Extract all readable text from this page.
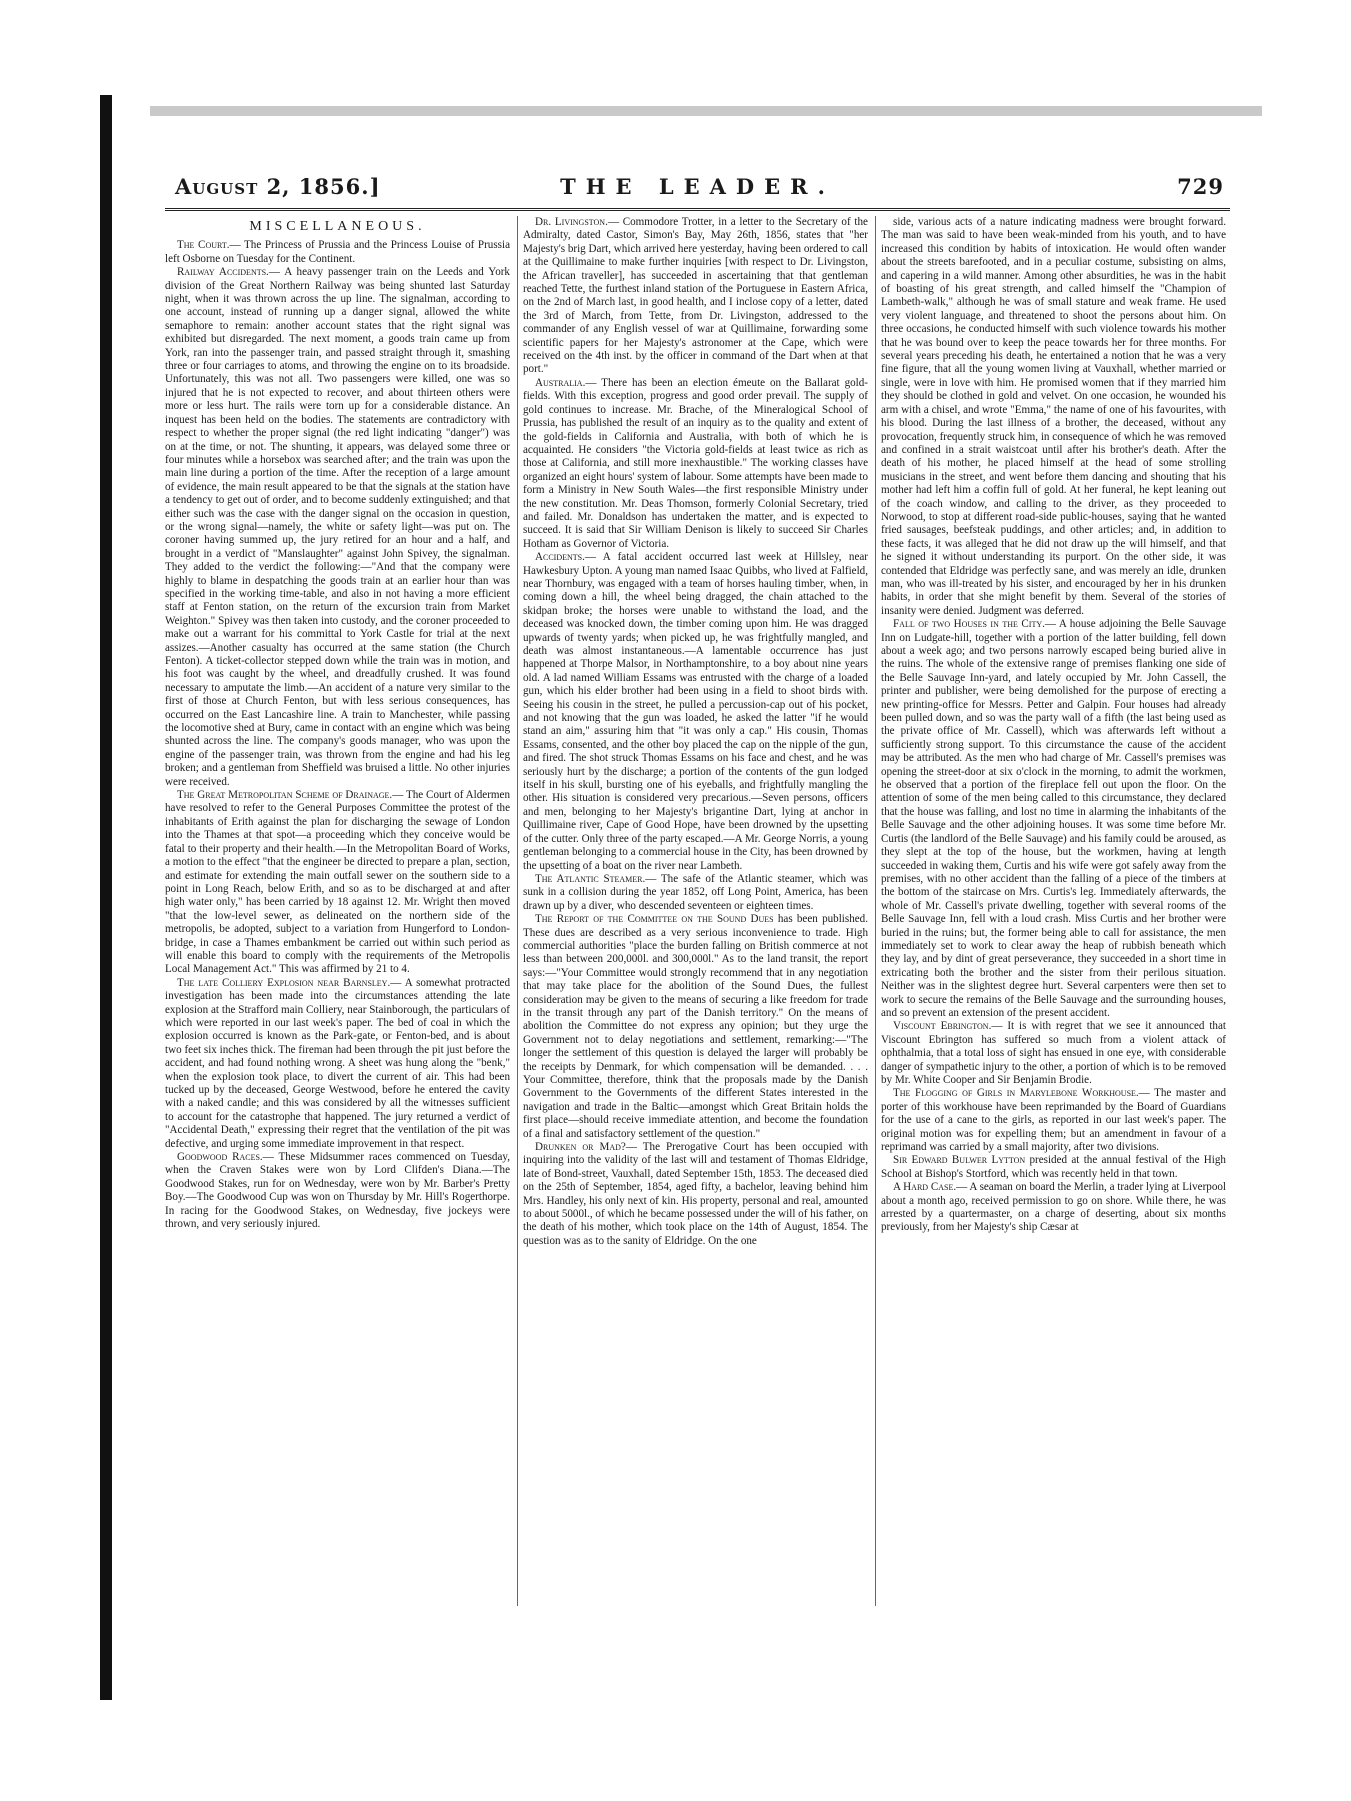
August 2, 1856.]	THE LEADER.	729
MISCELLANEOUS.

The Court.— The Princess of Prussia and the Princess Louise of Prussia left Osborne on Tuesday for the Continent.

Railway Accidents.— A heavy passenger train on the Leeds and York division of the Great Northern Railway was being shunted last Saturday night, when it was thrown across the up line. The signalman, according to one account, instead of running up a danger signal, allowed the white semaphore to remain: another account states that the right signal was exhibited but disregarded. The next moment, a goods train came up from York, ran into the passenger train, and passed straight through it, smashing three or four carriages to atoms, and throwing the engine on to its broadside. Unfortunately, this was not all. Two passengers were killed, one was so injured that he is not expected to recover, and about thirteen others were more or less hurt. The rails were torn up for a considerable distance. An inquest has been held on the bodies. The statements are contradictory with respect to whether the proper signal (the red light indicating "danger") was on at the time, or not. The shunting, it appears, was delayed some three or four minutes while a horsebox was searched after; and the train was upon the main line during a portion of the time. After the reception of a large amount of evidence, the main result appeared to be that the signals at the station have a tendency to get out of order, and to become suddenly extinguished; and that either such was the case with the danger signal on the occasion in question, or the wrong signal—namely, the white or safety light—was put on. The coroner having summed up, the jury retired for an hour and a half, and brought in a verdict of "Manslaughter" against John Spivey, the signalman. They added to the verdict the following:—"And that the company were highly to blame in despatching the goods train at an earlier hour than was specified in the working time-table, and also in not having a more efficient staff at Fenton station, on the return of the excursion train from Market Weighton." Spivey was then taken into custody, and the coroner proceeded to make out a warrant for his committal to York Castle for trial at the next assizes.—Another casualty has occurred at the same station (the Church Fenton). A ticket-collector stepped down while the train was in motion, and his foot was caught by the wheel, and dreadfully crushed. It was found necessary to amputate the limb.—An accident of a nature very similar to the first of those at Church Fenton, but with less serious consequences, has occurred on the East Lancashire line. A train to Manchester, while passing the locomotive shed at Bury, came in contact with an engine which was being shunted across the line. The company's goods manager, who was upon the engine of the passenger train, was thrown from the engine and had his leg broken; and a gentleman from Sheffield was bruised a little. No other injuries were received.

The Great Metropolitan Scheme of Drainage.— The Court of Aldermen have resolved to refer to the General Purposes Committee the protest of the inhabitants of Erith against the plan for discharging the sewage of London into the Thames at that spot—a proceeding which they conceive would be fatal to their property and their health.—In the Metropolitan Board of Works, a motion to the effect "that the engineer be directed to prepare a plan, section, and estimate for extending the main outfall sewer on the southern side to a point in Long Reach, below Erith, and so as to be discharged at and after high water only," has been carried by 18 against 12. Mr. Wright then moved "that the low-level sewer, as delineated on the northern side of the metropolis, be adopted, subject to a variation from Hungerford to London-bridge, in case a Thames embankment be carried out within such period as will enable this board to comply with the requirements of the Metropolis Local Management Act." This was affirmed by 21 to 4.

The late Colliery Explosion near Barnsley.— A somewhat protracted investigation has been made into the circumstances attending the late explosion at the Strafford main Colliery, near Stainborough, the particulars of which were reported in our last week's paper. The bed of coal in which the explosion occurred is known as the Park-gate, or Fenton-bed, and is about two feet six inches thick. The fireman had been through the pit just before the accident, and had found nothing wrong. A sheet was hung along the "benk," when the explosion took place, to divert the current of air. This had been tucked up by the deceased, George Westwood, before he entered the cavity with a naked candle; and this was considered by all the witnesses sufficient to account for the catastrophe that happened. The jury returned a verdict of "Accidental Death," expressing their regret that the ventilation of the pit was defective, and urging some immediate improvement in that respect.

Goodwood Races.— These Midsummer races commenced on Tuesday, when the Craven Stakes were won by Lord Clifden's Diana.—The Goodwood Stakes, run for on Wednesday, were won by Mr. Barber's Pretty Boy.—The Goodwood Cup was won on Thursday by Mr. Hill's Rogerthorpe. In racing for the Goodwood Stakes, on Wednesday, five jockeys were thrown, and very seriously injured.

Dr. Livingston.— Commodore Trotter, in a letter to the Secretary of the Admiralty, dated Castor, Simon's Bay, May 26th, 1856, states that "her Majesty's brig Dart, which arrived here yesterday, having been ordered to call at the Quillimaine to make further inquiries [with respect to Dr. Livingston, the African traveller], has succeeded in ascertaining that that gentleman reached Tette, the furthest inland station of the Portuguese in Eastern Africa, on the 2nd of March last, in good health, and I inclose copy of a letter, dated the 3rd of March, from Tette, from Dr. Livingston, addressed to the commander of any English vessel of war at Quillimaine, forwarding some scientific papers for her Majesty's astronomer at the Cape, which were received on the 4th inst. by the officer in command of the Dart when at that port."

Australia.— There has been an election émeute on the Ballarat gold-fields. With this exception, progress and good order prevail. The supply of gold continues to increase. Mr. Brache, of the Mineralogical School of Prussia, has published the result of an inquiry as to the quality and extent of the gold-fields in California and Australia, with both of which he is acquainted. He considers "the Victoria gold-fields at least twice as rich as those at California, and still more inexhaustible." The working classes have organized an eight hours' system of labour. Some attempts have been made to form a Ministry in New South Wales—the first responsible Ministry under the new constitution. Mr. Deas Thomson, formerly Colonial Secretary, tried and failed. Mr. Donaldson has undertaken the matter, and is expected to succeed. It is said that Sir William Denison is likely to succeed Sir Charles Hotham as Governor of Victoria.

Accidents.— A fatal accident occurred last week at Hillsley, near Hawkesbury Upton. A young man named Isaac Quibbs, who lived at Falfield, near Thornbury, was engaged with a team of horses hauling timber, when, in coming down a hill, the wheel being dragged, the chain attached to the skidpan broke; the horses were unable to withstand the load, and the deceased was knocked down, the timber coming upon him. He was dragged upwards of twenty yards; when picked up, he was frightfully mangled, and death was almost instantaneous.—A lamentable occurrence has just happened at Thorpe Malsor, in Northamptonshire, to a boy about nine years old. A lad named William Essams was entrusted with the charge of a loaded gun, which his elder brother had been using in a field to shoot birds with. Seeing his cousin in the street, he pulled a percussion-cap out of his pocket, and not knowing that the gun was loaded, he asked the latter "if he would stand an aim," assuring him that "it was only a cap." His cousin, Thomas Essams, consented, and the other boy placed the cap on the nipple of the gun, and fired. The shot struck Thomas Essams on his face and chest, and he was seriously hurt by the discharge; a portion of the contents of the gun lodged itself in his skull, bursting one of his eyeballs, and frightfully mangling the other. His situation is considered very precarious.—Seven persons, officers and men, belonging to her Majesty's brigantine Dart, lying at anchor in Quillimaine river, Cape of Good Hope, have been drowned by the upsetting of the cutter. Only three of the party escaped.—A Mr. George Norris, a young gentleman belonging to a commercial house in the City, has been drowned by the upsetting of a boat on the river near Lambeth.

The Atlantic Steamer.— The safe of the Atlantic steamer, which was sunk in a collision during the year 1852, off Long Point, America, has been drawn up by a diver, who descended seventeen or eighteen times.

The Report of the Committee on the Sound Dues has been published. These dues are described as a very serious inconvenience to trade. High commercial authorities "place the burden falling on British commerce at not less than between 200,000l. and 300,000l." As to the land transit, the report says:—"Your Committee would strongly recommend that in any negotiation that may take place for the abolition of the Sound Dues, the fullest consideration may be given to the means of securing a like freedom for trade in the transit through any part of the Danish territory." On the means of abolition the Committee do not express any opinion; but they urge the Government not to delay negotiations and settlement, remarking:—"The longer the settlement of this question is delayed the larger will probably be the receipts by Denmark, for which compensation will be demanded. . . . Your Committee, therefore, think that the proposals made by the Danish Government to the Governments of the different States interested in the navigation and trade in the Baltic—amongst which Great Britain holds the first place—should receive immediate attention, and become the foundation of a final and satisfactory settlement of the question."

Drunken or Mad?— The Prerogative Court has been occupied with inquiring into the validity of the last will and testament of Thomas Eldridge, late of Bond-street, Vauxhall, dated September 15th, 1853. The deceased died on the 25th of September, 1854, aged fifty, a bachelor, leaving behind him Mrs. Handley, his only next of kin. His property, personal and real, amounted to about 5000l., of which he became possessed under the will of his father, on the death of his mother, which took place on the 14th of August, 1854. The question was as to the sanity of Eldridge. On the one

side, various acts of a nature indicating madness were brought forward. The man was said to have been weak-minded from his youth, and to have increased this condition by habits of intoxication. He would often wander about the streets barefooted, and in a peculiar costume, subsisting on alms, and capering in a wild manner. Among other absurdities, he was in the habit of boasting of his great strength, and called himself the "Champion of Lambeth-walk," although he was of small stature and weak frame. He used very violent language, and threatened to shoot the persons about him. On three occasions, he conducted himself with such violence towards his mother that he was bound over to keep the peace towards her for three months. For several years preceding his death, he entertained a notion that he was a very fine figure, that all the young women living at Vauxhall, whether married or single, were in love with him. He promised women that if they married him they should be clothed in gold and velvet. On one occasion, he wounded his arm with a chisel, and wrote "Emma," the name of one of his favourites, with his blood. During the last illness of a brother, the deceased, without any provocation, frequently struck him, in consequence of which he was removed and confined in a strait waistcoat until after his brother's death. After the death of his mother, he placed himself at the head of some strolling musicians in the street, and went before them dancing and shouting that his mother had left him a coffin full of gold. At her funeral, he kept leaning out of the coach window, and calling to the driver, as they proceeded to Norwood, to stop at different road-side public-houses, saying that he wanted fried sausages, beefsteak puddings, and other articles; and, in addition to these facts, it was alleged that he did not draw up the will himself, and that he signed it without understanding its purport. On the other side, it was contended that Eldridge was perfectly sane, and was merely an idle, drunken man, who was ill-treated by his sister, and encouraged by her in his drunken habits, in order that she might benefit by them. Several of the stories of insanity were denied. Judgment was deferred.

Fall of two Houses in the City.— A house adjoining the Belle Sauvage Inn on Ludgate-hill, together with a portion of the latter building, fell down about a week ago; and two persons narrowly escaped being buried alive in the ruins. The whole of the extensive range of premises flanking one side of the Belle Sauvage Inn-yard, and lately occupied by Mr. John Cassell, the printer and publisher, were being demolished for the purpose of erecting a new printing-office for Messrs. Petter and Galpin. Four houses had already been pulled down, and so was the party wall of a fifth (the last being used as the private office of Mr. Cassell), which was afterwards left without a sufficiently strong support. To this circumstance the cause of the accident may be attributed. As the men who had charge of Mr. Cassell's premises was opening the street-door at six o'clock in the morning, to admit the workmen, he observed that a portion of the fireplace fell out upon the floor. On the attention of some of the men being called to this circumstance, they declared that the house was falling, and lost no time in alarming the inhabitants of the Belle Sauvage and the other adjoining houses. It was some time before Mr. Curtis (the landlord of the Belle Sauvage) and his family could be aroused, as they slept at the top of the house, but the workmen, having at length succeeded in waking them, Curtis and his wife were got safely away from the premises, with no other accident than the falling of a piece of the timbers at the bottom of the staircase on Mrs. Curtis's leg. Immediately afterwards, the whole of Mr. Cassell's private dwelling, together with several rooms of the Belle Sauvage Inn, fell with a loud crash. Miss Curtis and her brother were buried in the ruins; but, the former being able to call for assistance, the men immediately set to work to clear away the heap of rubbish beneath which they lay, and by dint of great perseverance, they succeeded in a short time in extricating both the brother and the sister from their perilous situation. Neither was in the slightest degree hurt. Several carpenters were then set to work to secure the remains of the Belle Sauvage and the surrounding houses, and so prevent an extension of the present accident.

Viscount Ebrington.— It is with regret that we see it announced that Viscount Ebrington has suffered so much from a violent attack of ophthalmia, that a total loss of sight has ensued in one eye, with considerable danger of sympathetic injury to the other, a portion of which is to be removed by Mr. White Cooper and Sir Benjamin Brodie.

The Flogging of Girls in Marylebone Workhouse.— The master and porter of this workhouse have been reprimanded by the Board of Guardians for the use of a cane to the girls, as reported in our last week's paper. The original motion was for expelling them; but an amendment in favour of a reprimand was carried by a small majority, after two divisions.

Sir Edward Bulwer Lytton presided at the annual festival of the High School at Bishop's Stortford, which was recently held in that town.

A Hard Case.— A seaman on board the Merlin, a trader lying at Liverpool about a month ago, received permission to go on shore. While there, he was arrested by a quartermaster, on a charge of deserting, about six months previously, from her Majesty's ship Cæsar at
